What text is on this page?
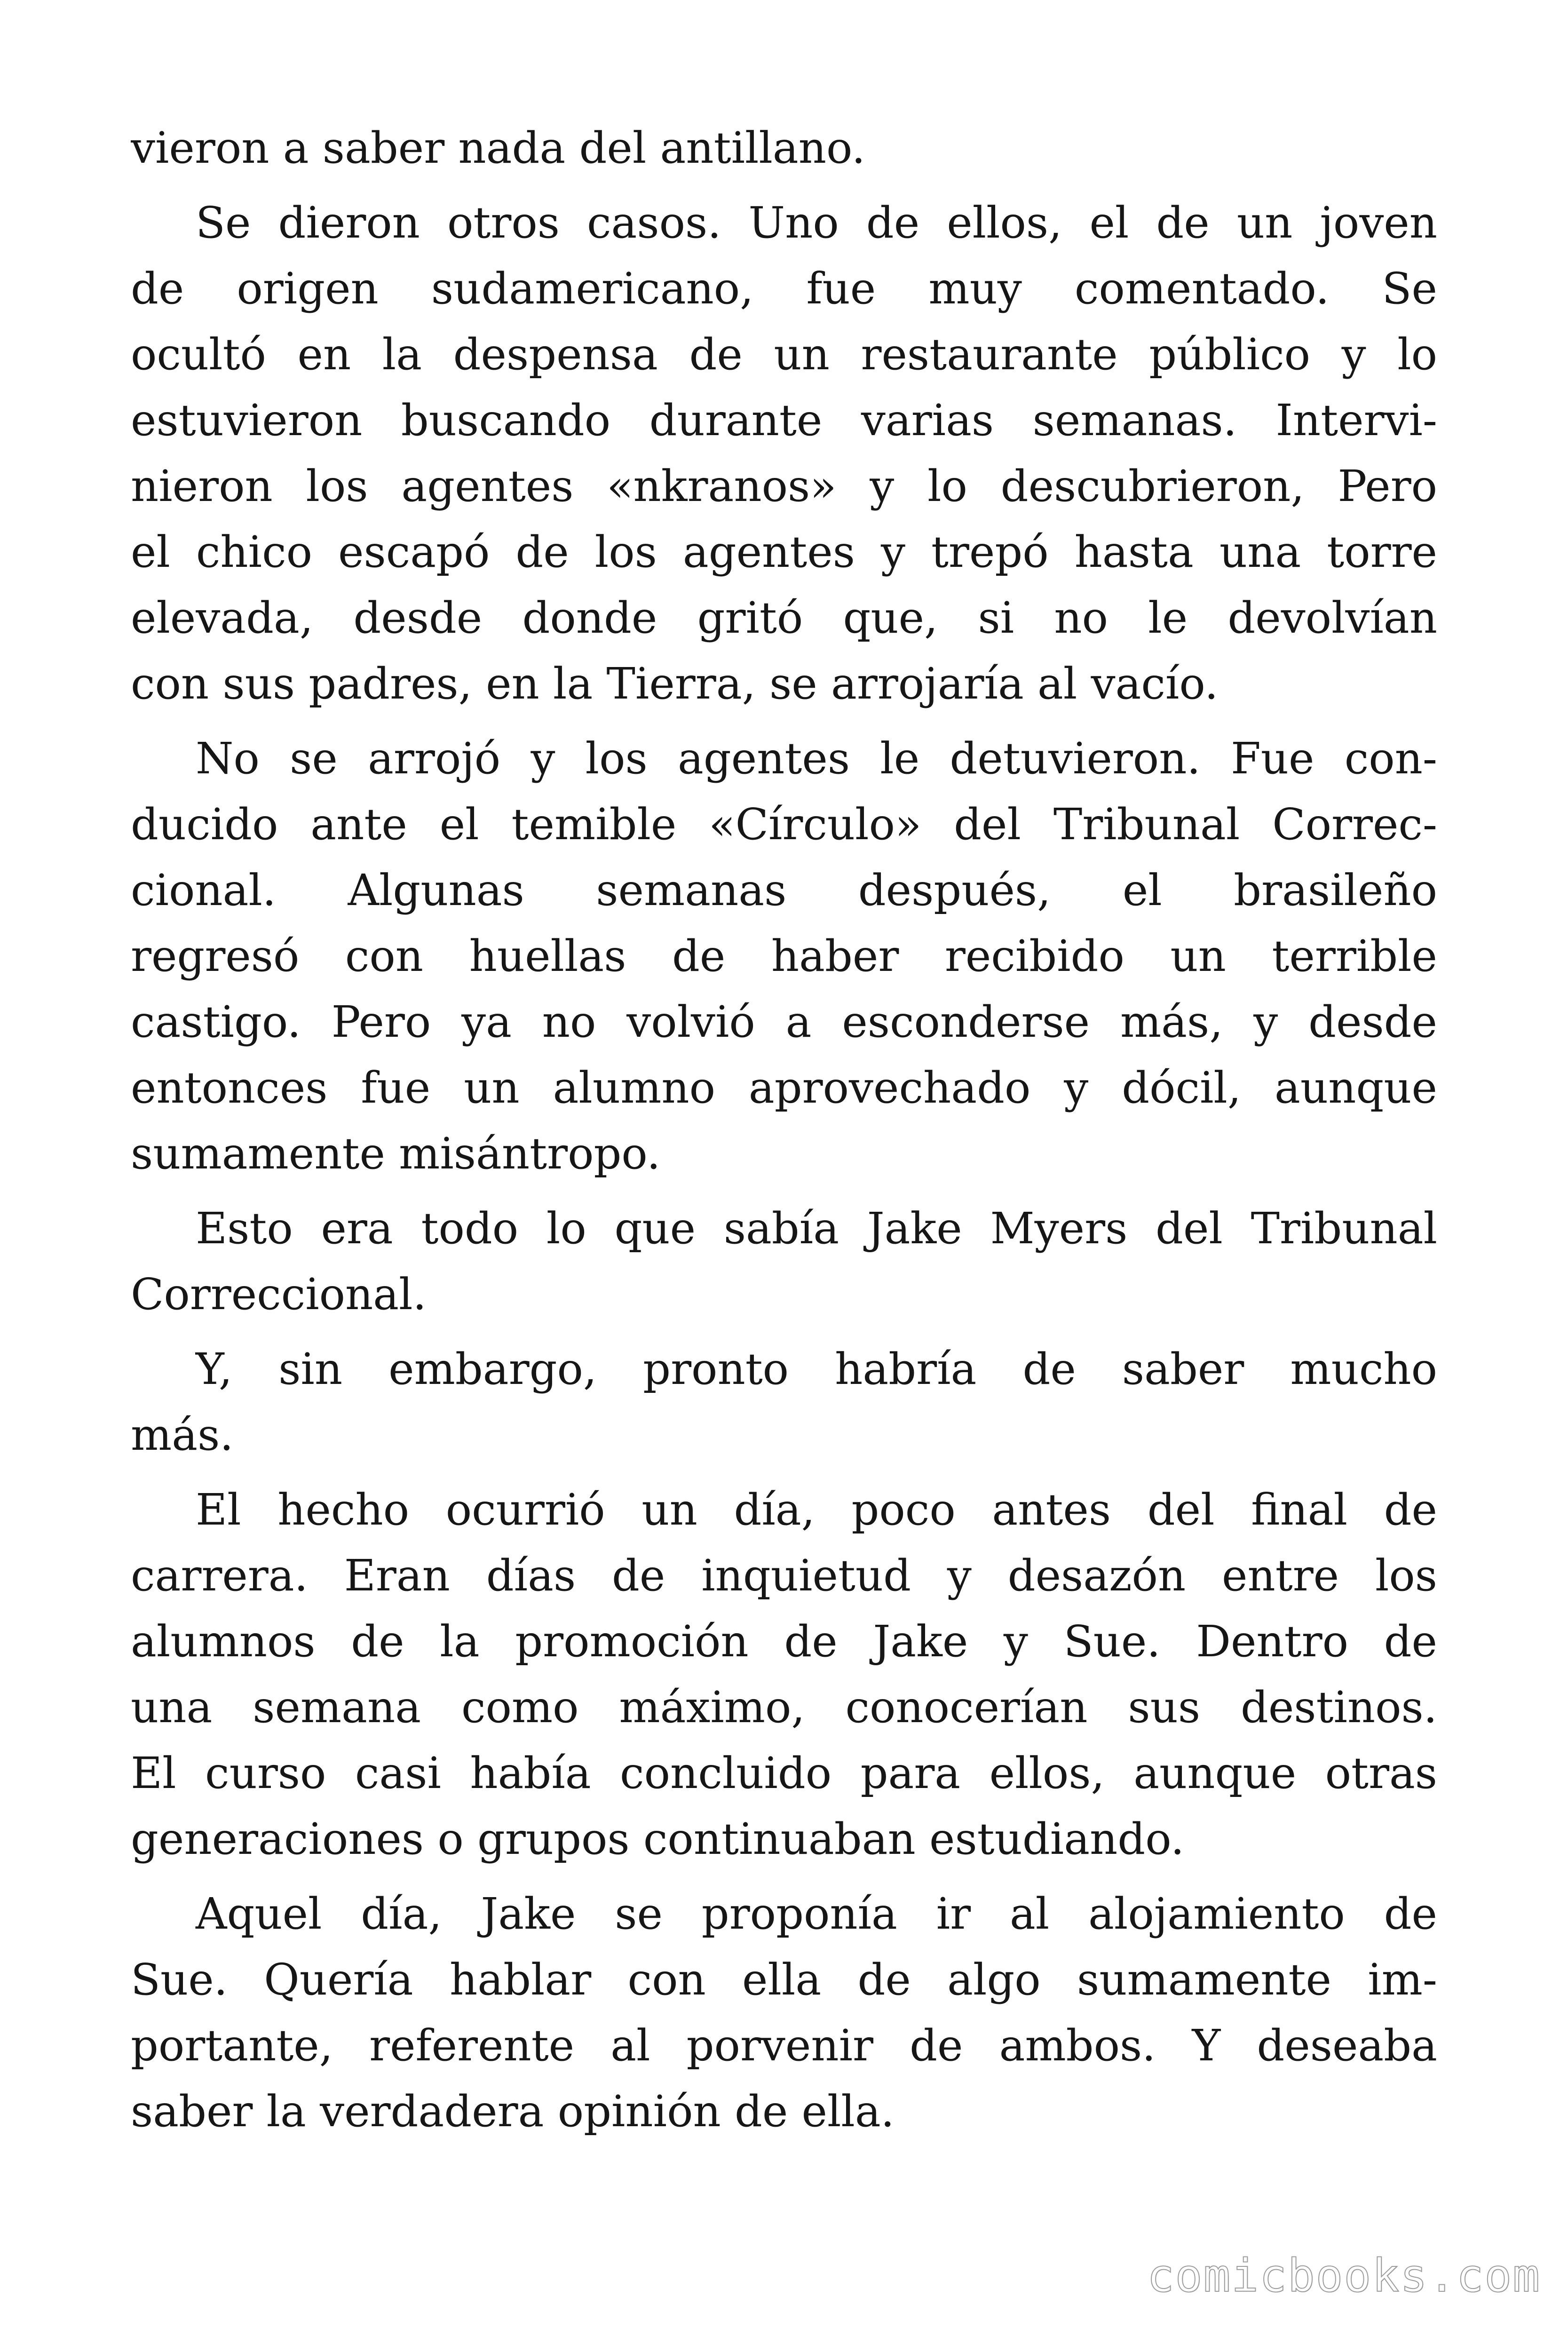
vieron a saber nada del antillano.
Se dieron otros casos. Uno de ellos, el de un joven
de origen sudamericano, fue muy comentado. Se
ocultó en la despensa de un restaurante público y lo
estuvieron buscando durante varias semanas. Intervi-
nieron los agentes «nkranos» y lo descubrieron, Pero
el chico escapó de los agentes y trepó hasta una torre
elevada, desde donde gritó que, si no le devolvían
con sus padres, en la Tierra, se arrojaría al vacío.
No se arrojó y los agentes le detuvieron. Fue con-
ducido ante el temible «Círculo» del Tribunal Correc-
cional. Algunas semanas después, el brasileño
regresó con huellas de haber recibido un terrible
castigo. Pero ya no volvió a esconderse más, y desde
entonces fue un alumno aprovechado y dócil, aunque
sumamente misántropo.
Esto era todo lo que sabía Jake Myers del Tribunal
Correccional.
Y, sin embargo, pronto habría de saber mucho
más.
El hecho ocurrió un día, poco antes del final de
carrera. Eran días de inquietud y desazón entre los
alumnos de la promoción de Jake y Sue. Dentro de
una semana como máximo, conocerían sus destinos.
El curso casi había concluido para ellos, aunque otras
generaciones o grupos continuaban estudiando.
Aquel día, Jake se proponía ir al alojamiento de
Sue. Quería hablar con ella de algo sumamente im-
portante, referente al porvenir de ambos. Y deseaba
saber la verdadera opinión de ella.
comicbooks.com
